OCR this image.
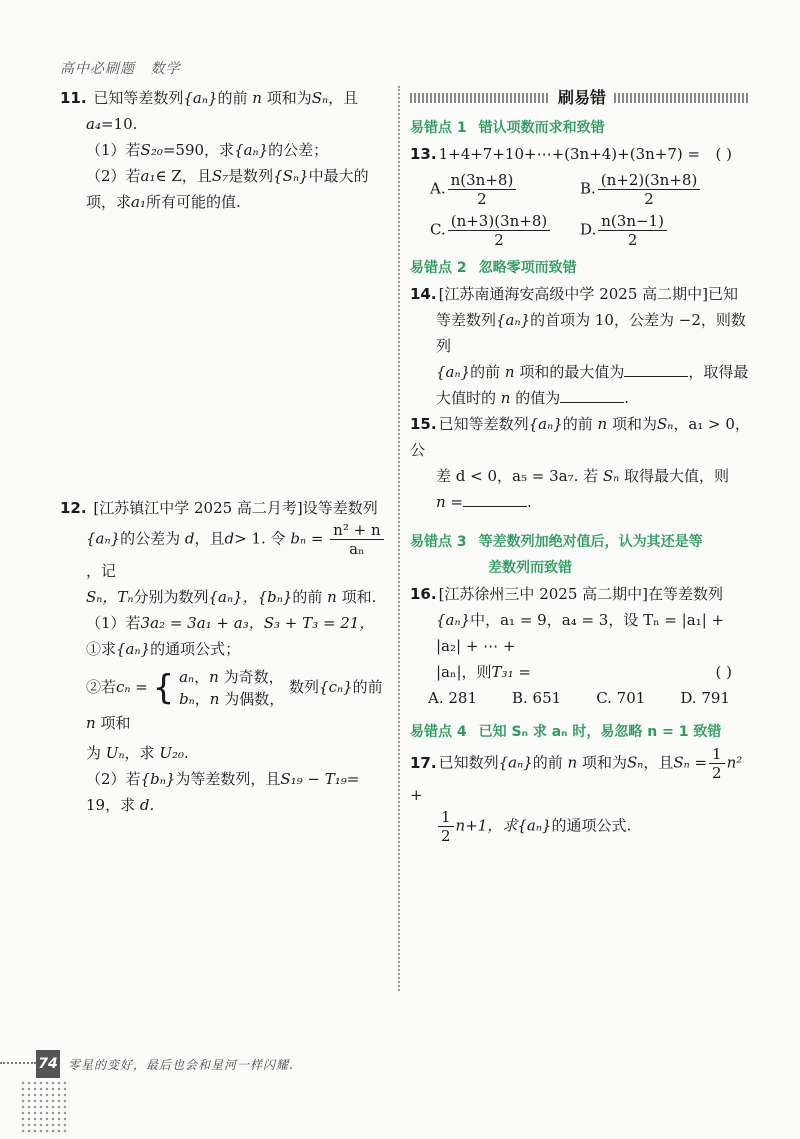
高中必刷题 数学
11. 已知等差数列{aₙ}的前 n 项和为Sₙ，且
a₄=10.
（1）若S₂₀=590，求{aₙ}的公差；
（2）若a₁∈ Z，且S₇是数列{Sₙ}中最大的
项，求a₁所有可能的值.
12. [江苏镇江中学 2025 高二月考]设等差数列
{aₙ}的公差为 d，且d> 1. 令 $b_n = \frac{\text{n² + n}}{\text{aₙ}}$
，记
Sₙ，Tₙ分别为数列{aₙ}，{bₙ}的前 n 项和.
（1）若3a₂ = 3a₁ + a₃，S₃ + T₃ = 21，
①求{aₙ}的通项公式；
②若cₙ = { aₙ，n 为奇数，
bₙ，n 为偶数，
数列{cₙ}的前 n 项和
为 Uₙ，求 U₂₀.
（2）若{bₙ}为等差数列，且S₁₉ − T₁₉= 19，求 d.
刷易错
易错点 1 错认项数而求和致错
13. 1+4+7+10+⋯+(3n+4)+(3n+7) = ( )
A. $\frac{n(3n+8)}{2}$	B. $\frac{(n+2)(3n+8)}{2}$
C. $\frac{(n+3)(3n+8)}{2} D$. $\frac{n(3n-1)}{2}$
易错点 2 忽略零项而致错
14. [江苏南通海安高级中学 2025 高二期中]已知
等差数列{aₙ}的首项为 10，公差为 −2，则数列
{aₙ}的前 n 项和的最大值为	，取得最
大值时的 n 的值为	.
15. 已知等差数列{aₙ}的前 n 项和为Sₙ，a₁ > 0，公
差 d < 0，a₅ = 3a₇. 若 Sₙ 取得最大值，则
n =	.
易错点 3 等差数列加绝对值后，认为其还是等
差数列而致错
16. [江苏徐州三中 2025 高二期中]在等差数列
{aₙ}中，a₁ = 9，a₄ = 3，设 Tₙ = |a₁| + |a₂| + ⋯ +
|aₙ|，则T₃₁ =	( )
A. 281 B. 651 C. 701 D. 791
易错点 4 已知 Sₙ 求 aₙ 时，易忽略 n = 1 致错
17. 已知数列{aₙ}的前 n 项和为Sₙ，且$S_n = \frac{1}{2} n^2$ +
$\frac{1}{2} n+1$，求{aₙ}的通项公式.
74 零星的变好，最后也会和星河一样闪耀.
